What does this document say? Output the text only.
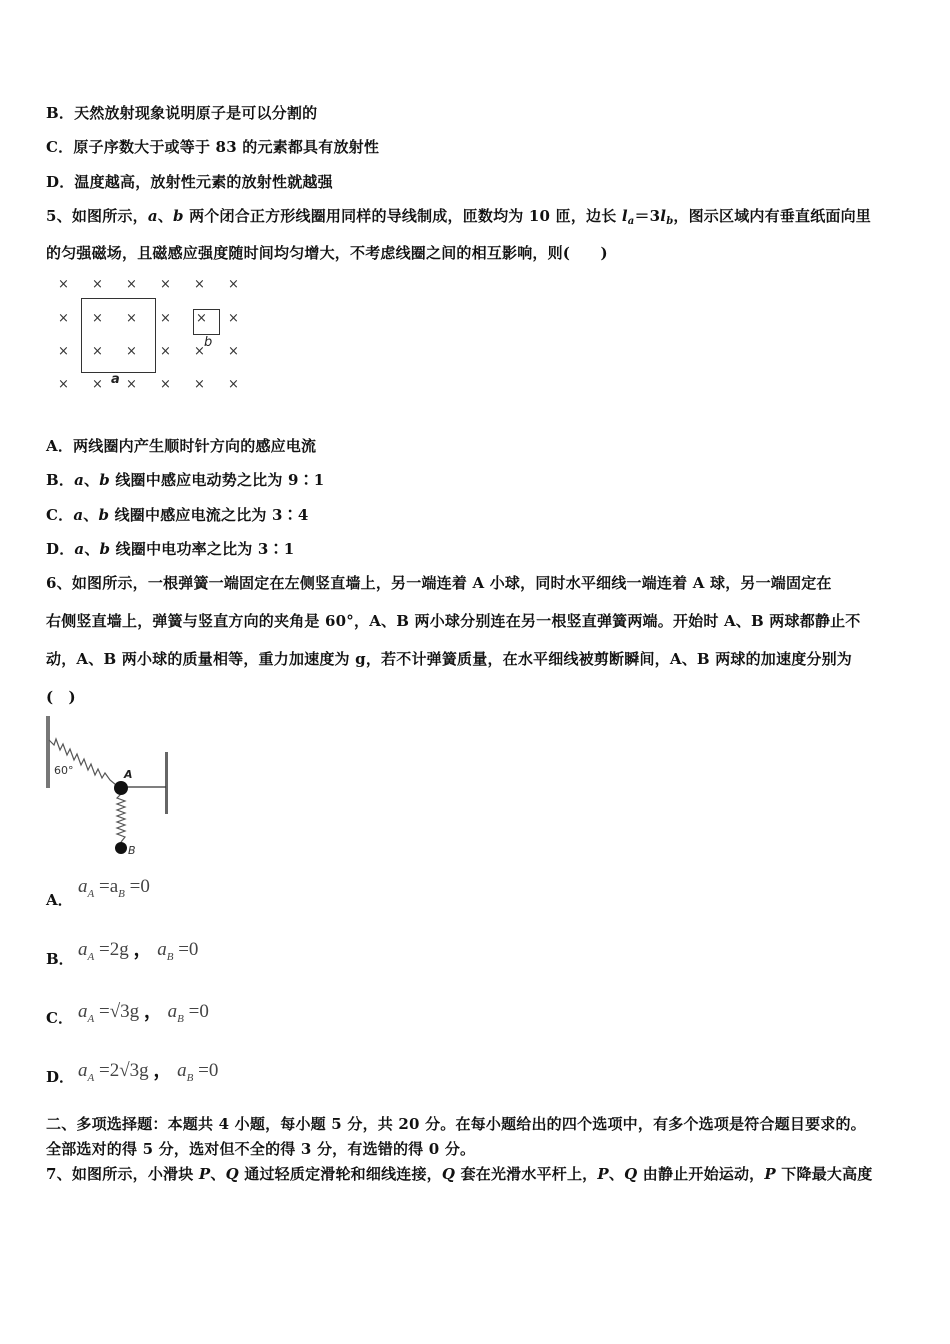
B．天然放射现象说明原子是可以分割的
C．原子序数大于或等于 83 的元素都具有放射性
D．温度越高，放射性元素的放射性就越强
5、如图所示，a、b 两个闭合正方形线圈用同样的导线制成，匝数均为 10 匝，边长 $l_a=3l_b$，图示区域内有垂直纸面向里
的匀强磁场，且磁感应强度随时间均匀增大，不考虑线圈之间的相互影响，则(　　)
× × × × × ×
× × × × × ×
× × × × × ×
× × × × × ×
a
b
A．两线圈内产生顺时针方向的感应电流
B．a、b 线圈中感应电动势之比为 9∶1
C．a、b 线圈中感应电流之比为 3∶4
D．a、b 线圈中电功率之比为 3∶1
6、如图所示，一根弹簧一端固定在左侧竖直墙上，另一端连着 A 小球，同时水平细线一端连着 A 球，另一端固定在
右侧竖直墙上，弹簧与竖直方向的夹角是 60°，A、B 两小球分别连在另一根竖直弹簧两端。开始时 A、B 两球都静止不
动，A、B 两小球的质量相等，重力加速度为 g，若不计弹簧质量，在水平细线被剪断瞬间，A、B 两球的加速度分别为
(　)
60°	A
B
A．
$a_A =a_B =0$
B． $a_A =2g$ ， $a_B =0$
C． $a_A =√3g$ ， $a_B =0$
D． $a_A =2√3g$ ， $a_B =0$
二、多项选择题：本题共 4 小题，每小题 5 分，共 20 分。在每小题给出的四个选项中，有多个选项是符合题目要求的。
全部选对的得 5 分，选对但不全的得 3 分，有选错的得 0 分。
7、如图所示，小滑块 P、Q 通过轻质定滑轮和细线连接，Q 套在光滑水平杆上，P、Q 由静止开始运动，P 下降最大高度
